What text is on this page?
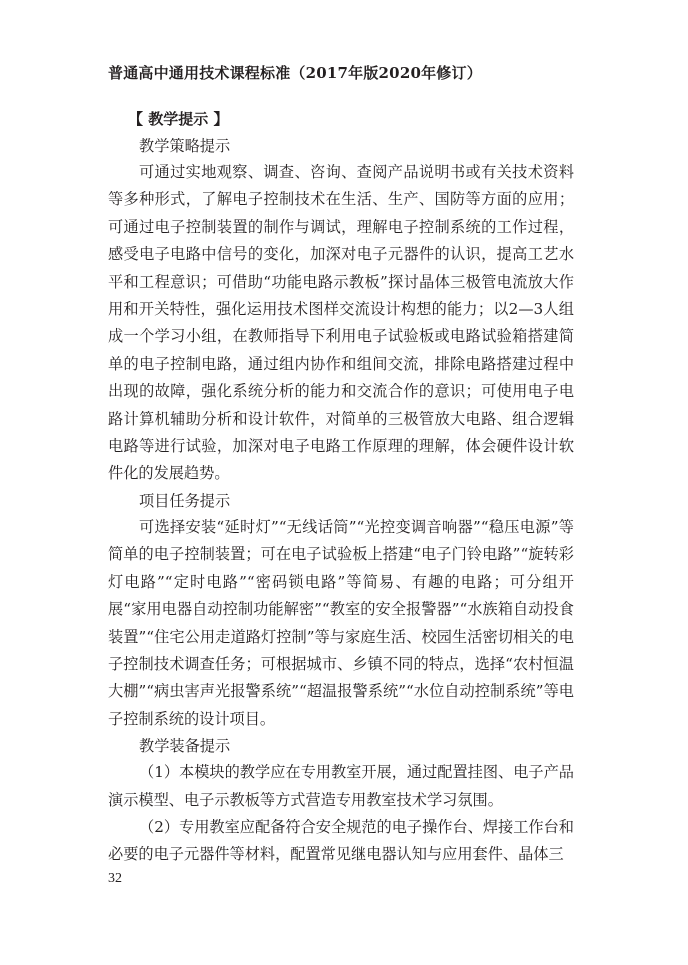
普通高中通用技术课程标准（2017年版2020年修订）
【 教学提示 】
教学策略提示

可通过实地观察、调查、咨询、查阅产品说明书或有关技术资料等多种形式，了解电子控制技术在生活、生产、国防等方面的应用；可通过电子控制装置的制作与调试，理解电子控制系统的工作过程，感受电子电路中信号的变化，加深对电子元器件的认识，提高工艺水平和工程意识；可借助“功能电路示教板”探讨晶体三极管电流放大作用和开关特性，强化运用技术图样交流设计构想的能力；以2—3人组成一个学习小组，在教师指导下利用电子试验板或电路试验箱搭建简单的电子控制电路，通过组内协作和组间交流，排除电路搭建过程中出现的故障，强化系统分析的能力和交流合作的意识；可使用电子电路计算机辅助分析和设计软件，对简单的三极管放大电路、组合逻辑电路等进行试验，加深对电子电路工作原理的理解，体会硬件设计软件化的发展趋势。

项目任务提示

可选择安装“延时灯”“无线话筒”“光控变调音响器”“稳压电源”等简单的电子控制装置；可在电子试验板上搭建“电子门铃电路”“旋转彩灯电路”“定时电路”“密码锁电路”等简易、有趣的电路；可分组开展“家用电器自动控制功能解密”“教室的安全报警器”“水族箱自动投食装置”“住宅公用走道路灯控制”等与家庭生活、校园生活密切相关的电子控制技术调查任务；可根据城市、乡镇不同的特点，选择“农村恒温大棚”“病虫害声光报警系统”“超温报警系统”“水位自动控制系统”等电子控制系统的设计项目。

教学装备提示

（1）本模块的教学应在专用教室开展，通过配置挂图、电子产品演示模型、电子示教板等方式营造专用教室技术学习氛围。

（2）专用教室应配备符合安全规范的电子操作台、焊接工作台和必要的电子元器件等材料，配置常见继电器认知与应用套件、晶体三

32
